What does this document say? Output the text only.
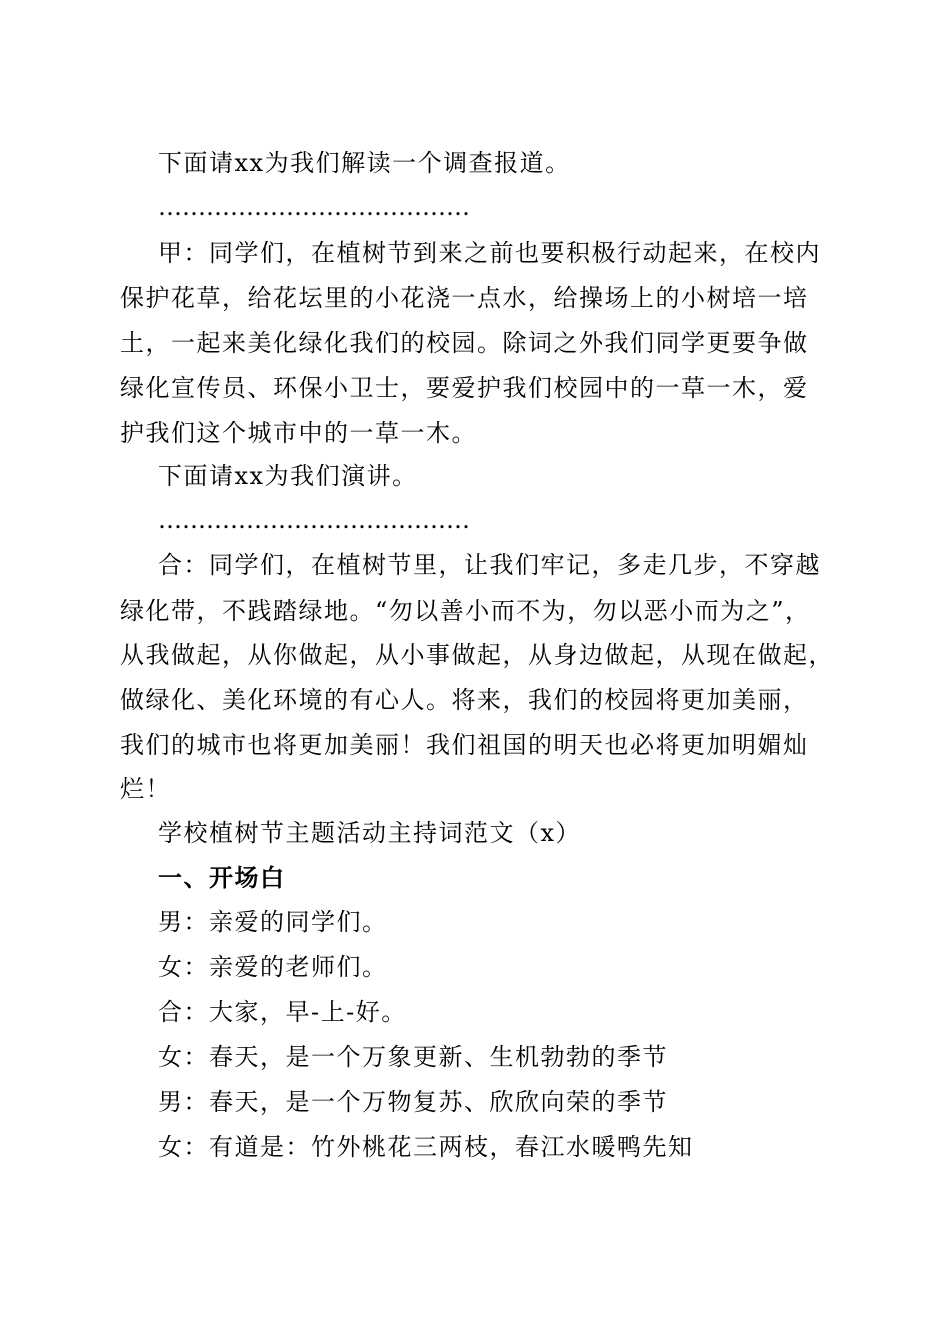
下面请xx为我们解读一个调查报道。
…………………………………
甲：同学们，在植树节到来之前也要积极行动起来，在校内
保护花草，给花坛里的小花浇一点水，给操场上的小树培一培
土，一起来美化绿化我们的校园。除词之外我们同学更要争做
绿化宣传员、环保小卫士，要爱护我们校园中的一草一木，爱
护我们这个城市中的一草一木。
下面请xx为我们演讲。
…………………………………
合：同学们，在植树节里，让我们牢记，多走几步，不穿越
绿化带，不践踏绿地。“勿以善小而不为，勿以恶小而为之”，
从我做起，从你做起，从小事做起，从身边做起，从现在做起，
做绿化、美化环境的有心人。将来，我们的校园将更加美丽，
我们的城市也将更加美丽！我们祖国的明天也必将更加明媚灿
烂！
学校植树节主题活动主持词范文（x）
一、开场白
男：亲爱的同学们。
女：亲爱的老师们。
合：大家，早-上-好。
女：春天，是一个万象更新、生机勃勃的季节
男：春天，是一个万物复苏、欣欣向荣的季节
女：有道是：竹外桃花三两枝，春江水暖鸭先知
